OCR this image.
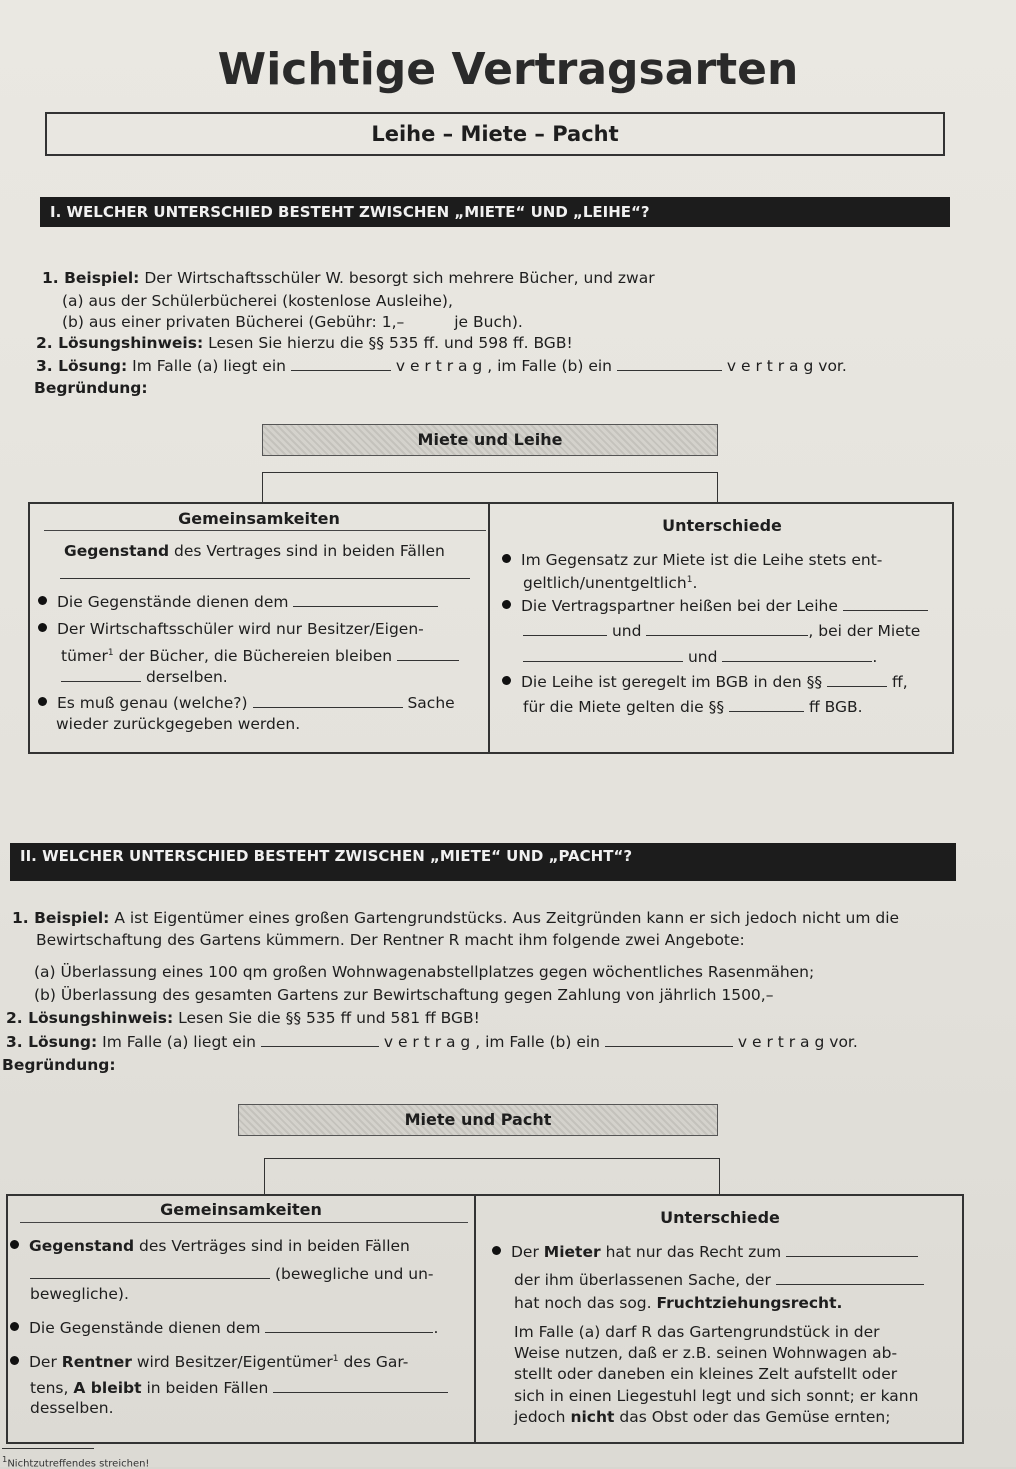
Wichtige Vertragsarten
Leihe – Miete – Pacht
I. WELCHER UNTERSCHIED BESTEHT ZWISCHEN „MIETE“ UND „LEIHE“?
1. Beispiel: Der Wirtschaftsschüler W. besorgt sich mehrere Bücher, und zwar
(a) aus der Schülerbücherei (kostenlose Ausleihe),
(b) aus einer privaten Bücherei (Gebühr: 1,–	je Buch).
2. Lösungshinweis: Lesen Sie hierzu die §§ 535 ff. und 598 ff. BGB!
3. Lösung: Im Falle (a) liegt ein	v e r t r a g , im Falle (b) ein	v e r t r a g vor.
Begründung:
Miete und Leihe
Gemeinsamkeiten	Unterschiede
Gegenstand des Vertrages sind in beiden Fällen
Die Gegenstände dienen dem
Der Wirtschaftsschüler wird nur Besitzer/Eigen-
tümer$^1$ der Bücher, die Büchereien bleiben
derselben.
Es muß genau (welche?)	Sache
wieder zurückgegeben werden.
Im Gegensatz zur Miete ist die Leihe stets ent-
geltlich/unentgeltlich$^1$.
Die Vertragspartner heißen bei der Leihe
und	, bei der Miete
und	.
Die Leihe ist geregelt im BGB in den §§	ff,
für die Miete gelten die §§	ff BGB.
II. WELCHER UNTERSCHIED BESTEHT ZWISCHEN „MIETE“ UND „PACHT“?
1. Beispiel: A ist Eigentümer eines großen Gartengrundstücks. Aus Zeitgründen kann er sich jedoch nicht um die
Bewirtschaftung des Gartens kümmern. Der Rentner R macht ihm folgende zwei Angebote:
(a) Überlassung eines 100 qm großen Wohnwagenabstellplatzes gegen wöchentliches Rasenmähen;
(b) Überlassung des gesamten Gartens zur Bewirtschaftung gegen Zahlung von jährlich 1500,–
2. Lösungshinweis: Lesen Sie die §§ 535 ff und 581 ff BGB!
3. Lösung: Im Falle (a) liegt ein	v e r t r a g , im Falle (b) ein	v e r t r a g vor.
Begründung:
Miete und Pacht
Gemeinsamkeiten	Unterschiede
Gegenstand des Verträges sind in beiden Fällen
(bewegliche und un-
bewegliche).
Die Gegenstände dienen dem	.
Der Rentner wird Besitzer/Eigentümer$^1$ des Gar-
tens, A bleibt in beiden Fällen
desselben.
Der Mieter hat nur das Recht zum
der ihm überlassenen Sache, der
hat noch das sog. Fruchtziehungsrecht.
Im Falle (a) darf R das Gartengrundstück in der
Weise nutzen, daß er z.B. seinen Wohnwagen ab-
stellt oder daneben ein kleines Zelt aufstellt oder
sich in einen Liegestuhl legt und sich sonnt; er kann
jedoch nicht das Obst oder das Gemüse ernten;
$^1$Nichtzutreffendes streichen!
